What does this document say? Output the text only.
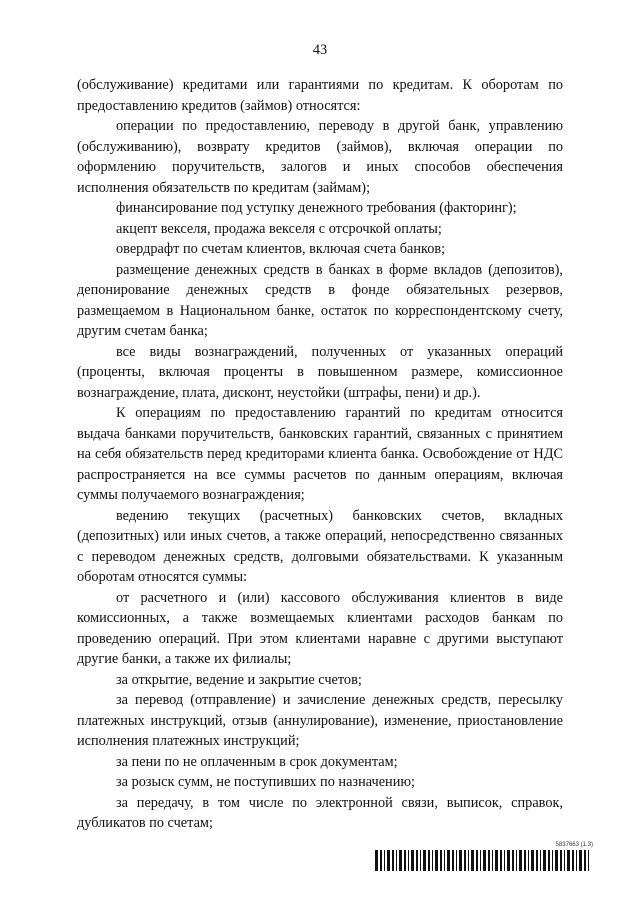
43

(обслуживание) кредитами или гарантиями по кредитам. К оборотам по предоставлению кредитов (займов) относятся:

операции по предоставлению, переводу в другой банк, управлению (обслуживанию), возврату кредитов (займов), включая операции по оформлению поручительств, залогов и иных способов обеспечения исполнения обязательств по кредитам (займам);

финансирование под уступку денежного требования (факторинг);

акцепт векселя, продажа векселя с отсрочкой оплаты;

овердрафт по счетам клиентов, включая счета банков;

размещение денежных средств в банках в форме вкладов (депозитов), депонирование денежных средств в фонде обязательных резервов, размещаемом в Национальном банке, остаток по корреспондентскому счету, другим счетам банка;

все виды вознаграждений, полученных от указанных операций (проценты, включая проценты в повышенном размере, комиссионное вознаграждение, плата, дисконт, неустойки (штрафы, пени) и др.).

К операциям по предоставлению гарантий по кредитам относится выдача банками поручительств, банковских гарантий, связанных с принятием на себя обязательств перед кредиторами клиента банка. Освобождение от НДС распространяется на все суммы расчетов по данным операциям, включая суммы получаемого вознаграждения;

ведению текущих (расчетных) банковских счетов, вкладных (депозитных) или иных счетов, а также операций, непосредственно связанных с переводом денежных средств, долговыми обязательствами. К указанным оборотам относятся суммы:

от расчетного и (или) кассового обслуживания клиентов в виде комиссионных, а также возмещаемых клиентами расходов банкам по проведению операций. При этом клиентами наравне с другими выступают другие банки, а также их филиалы;

за открытие, ведение и закрытие счетов;

за перевод (отправление) и зачисление денежных средств, пересылку платежных инструкций, отзыв (аннулирование), изменение, приостановление исполнения платежных инструкций;

за пени по не оплаченным в срок документам;

за розыск сумм, не поступивших по назначению;

за передачу, в том числе по электронной связи, выписок, справок, дубликатов по счетам;

5837663 (1.3)
